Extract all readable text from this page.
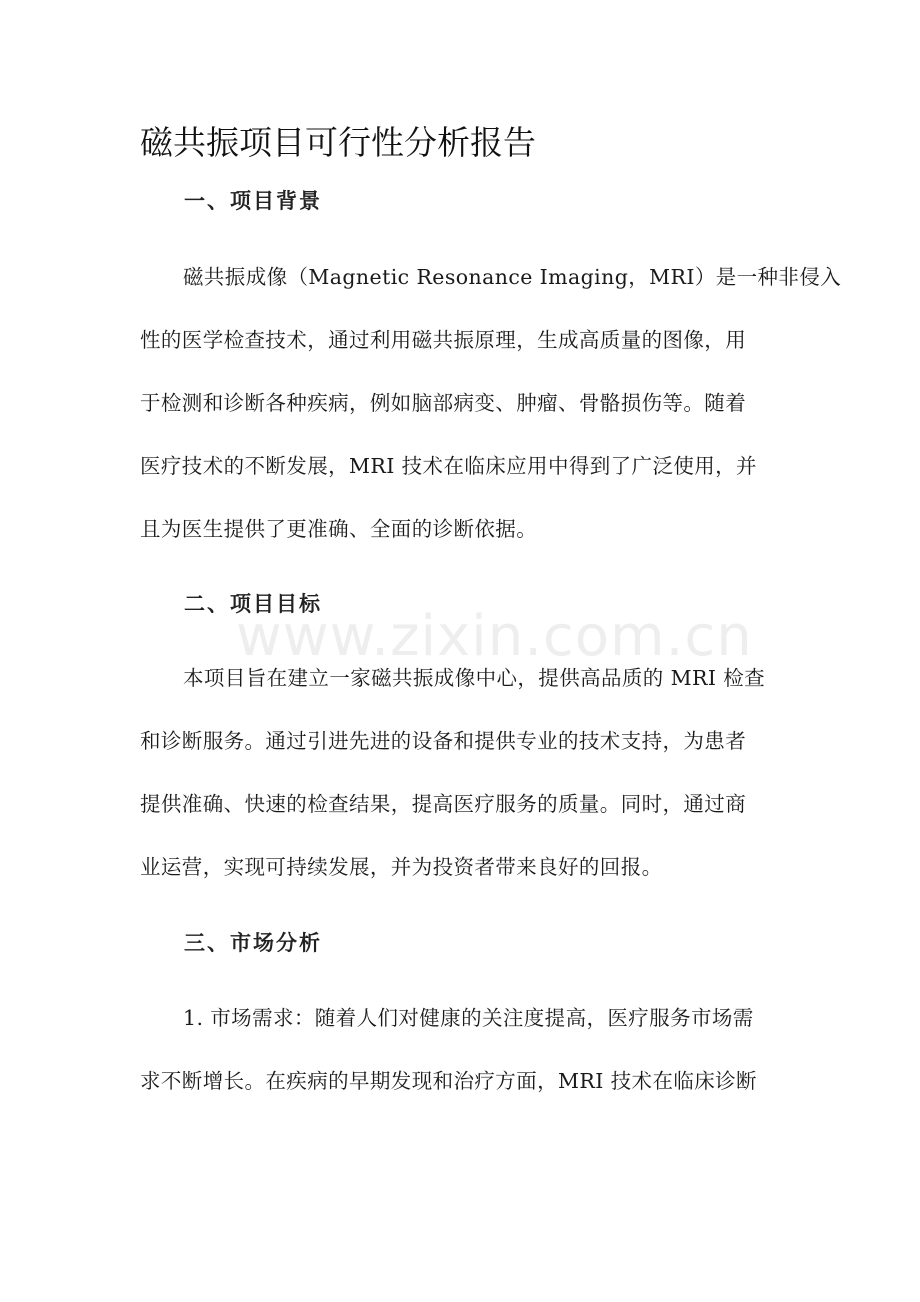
磁共振项目可行性分析报告
一、项目背景
磁共振成像（Magnetic Resonance Imaging，MRI）是一种非侵入
性的医学检查技术，通过利用磁共振原理，生成高质量的图像，用
于检测和诊断各种疾病，例如脑部病变、肿瘤、骨骼损伤等。随着
医疗技术的不断发展，MRI 技术在临床应用中得到了广泛使用，并
且为医生提供了更准确、全面的诊断依据。
二、项目目标
本项目旨在建立一家磁共振成像中心，提供高品质的 MRI 检查
和诊断服务。通过引进先进的设备和提供专业的技术支持，为患者
提供准确、快速的检查结果，提高医疗服务的质量。同时，通过商
业运营，实现可持续发展，并为投资者带来良好的回报。
三、市场分析
1. 市场需求：随着人们对健康的关注度提高，医疗服务市场需
求不断增长。在疾病的早期发现和治疗方面，MRI 技术在临床诊断
www.zixin.com.cn
